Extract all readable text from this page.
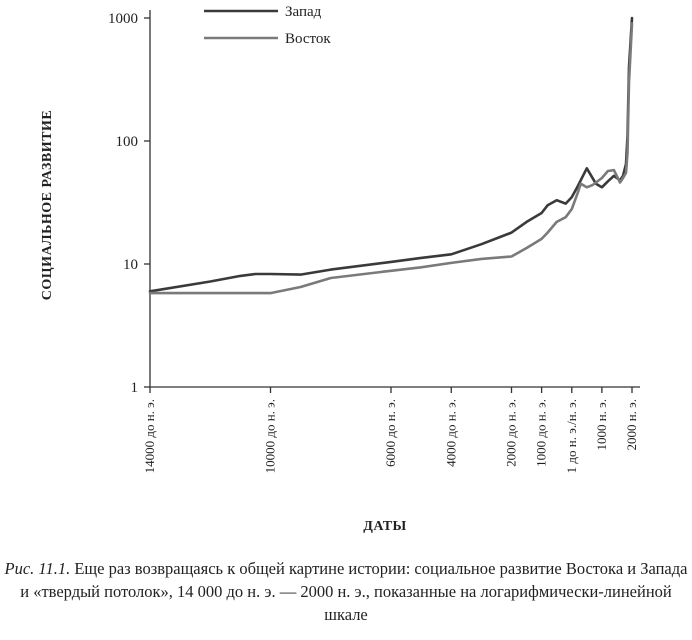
1
10
100
1000
14000 до н. э.	10000 до н. э.	6000 до н. э.	4000 до н. э.	2000 до н. э. 1000 до н. э. 1 до н. э./н. э. 1000 н. э. 2000 н. э.
Запад
Восток
СОЦИАЛЬНОЕ РАЗВИТИЕ
ДАТЫ
Рис. 11.1. Еще раз возвращаясь к общей картине истории: социальное развитие Востока и Запада и «твердый потолок», 14 000 до н. э. — 2000 н. э., показанные на логарифмически-линейной шкале
